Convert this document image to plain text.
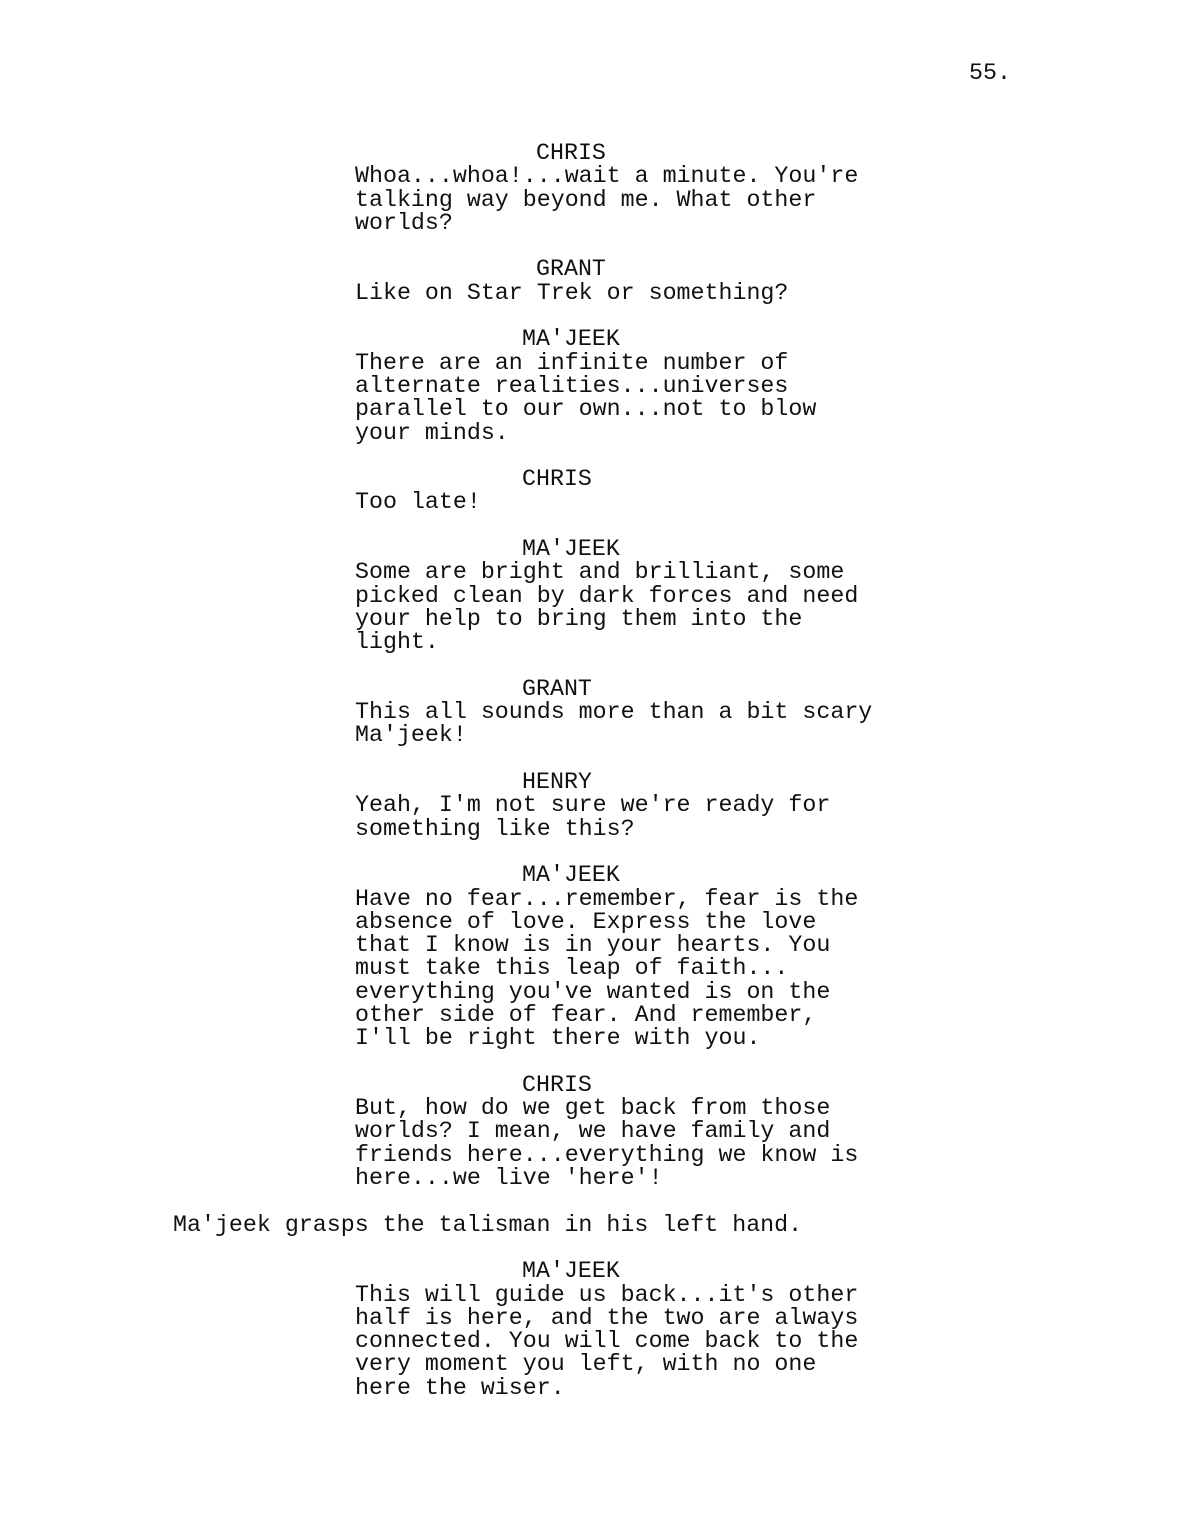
55.
CHRIS
Whoa...whoa!...wait a minute. You're
talking way beyond me. What other
worlds?
GRANT
Like on Star Trek or something?
MA'JEEK
There are an infinite number of
alternate realities...universes
parallel to our own...not to blow
your minds.
CHRIS
Too late!
MA'JEEK
Some are bright and brilliant, some
picked clean by dark forces and need
your help to bring them into the
light.
GRANT
This all sounds more than a bit scary
Ma'jeek!
HENRY
Yeah, I'm not sure we're ready for
something like this?
MA'JEEK
Have no fear...remember, fear is the
absence of love. Express the love
that I know is in your hearts. You
must take this leap of faith...
everything you've wanted is on the
other side of fear. And remember,
I'll be right there with you.
CHRIS
But, how do we get back from those
worlds? I mean, we have family and
friends here...everything we know is
here...we live 'here'!
Ma'jeek grasps the talisman in his left hand.
MA'JEEK
This will guide us back...it's other
half is here, and the two are always
connected. You will come back to the
very moment you left, with no one
here the wiser.
